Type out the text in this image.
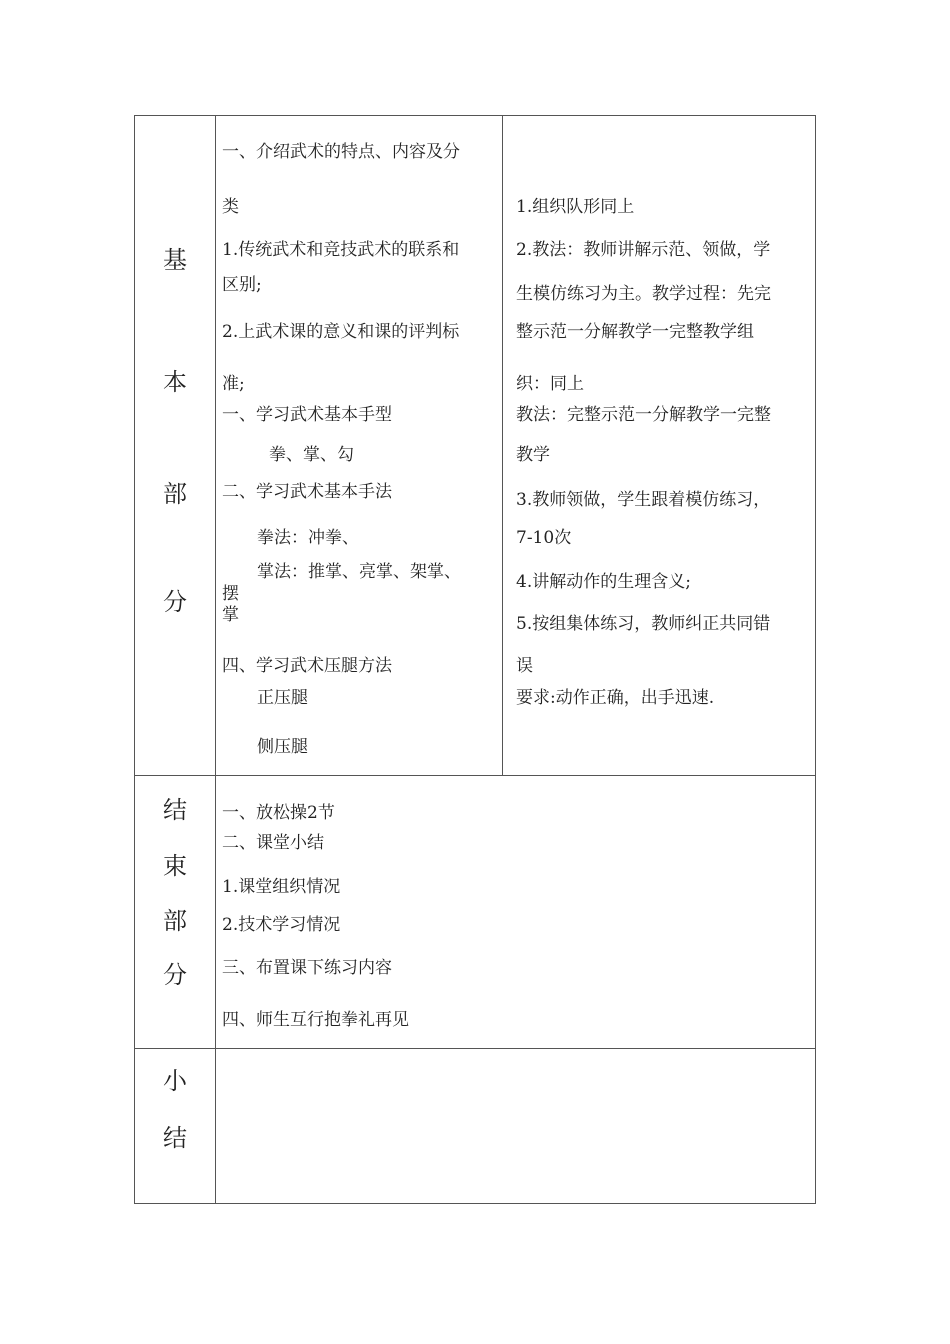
基
本
部
分
一、介绍武术的特点、内容及分
类
1.传统武术和竞技武术的联系和
区别;
2.上武术课的意义和课的评判标
准;
一、学习武术基本手型
拳、掌、勾
二、学习武术基本手法
拳法：冲拳、
掌法：推掌、亮掌、架掌、
摆
掌
四、学习武术压腿方法
正压腿
侧压腿
1.组织队形同上
2.教法：教师讲解示范、领做，学
生模仿练习为主。教学过程：先完
整示范一分解教学一完整教学组
织：同上
教法：完整示范一分解教学一完整
教学
3.教师领做，学生跟着模仿练习，
7-10次
4.讲解动作的生理含义;
5.按组集体练习，教师纠正共同错
误
要求:动作正确，出手迅速.
结
束
部
分
一、放松操2节
二、课堂小结
1.课堂组织情况
2.技术学习情况
三、布置课下练习内容
四、师生互行抱拳礼再见
小
结
